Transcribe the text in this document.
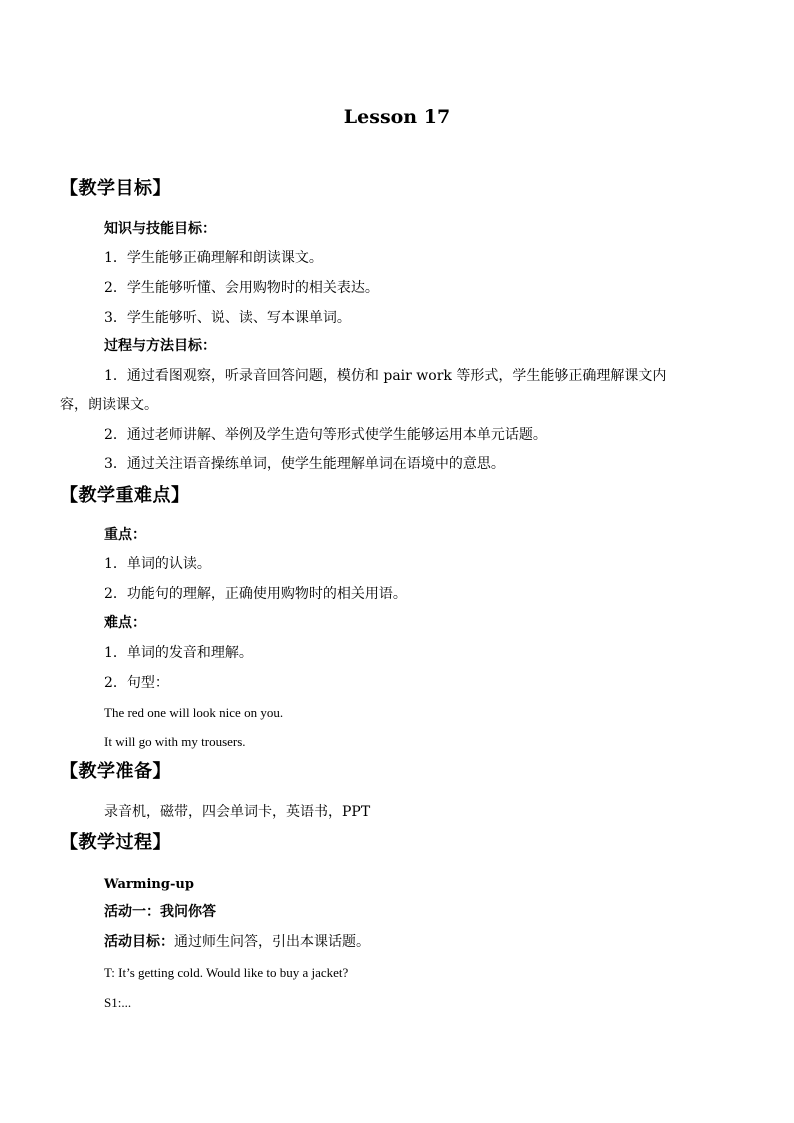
Lesson 17
【教学目标】
知识与技能目标：
1．学生能够正确理解和朗读课文。
2．学生能够听懂、会用购物时的相关表达。
3．学生能够听、说、读、写本课单词。
过程与方法目标：
1．通过看图观察，听录音回答问题，模仿和 pair work 等形式，学生能够正确理解课文内
容，朗读课文。
2．通过老师讲解、举例及学生造句等形式使学生能够运用本单元话题。
3．通过关注语音操练单词，使学生能理解单词在语境中的意思。
【教学重难点】
重点：
1．单词的认读。
2．功能句的理解，正确使用购物时的相关用语。
难点：
1．单词的发音和理解。
2．句型：
The red one will look nice on you.
It will go with my trousers.
【教学准备】
录音机，磁带，四会单词卡，英语书，PPT
【教学过程】
Warming-up
活动一：我问你答
活动目标：通过师生问答，引出本课话题。
T: It’s getting cold. Would like to buy a jacket?
S1:...
